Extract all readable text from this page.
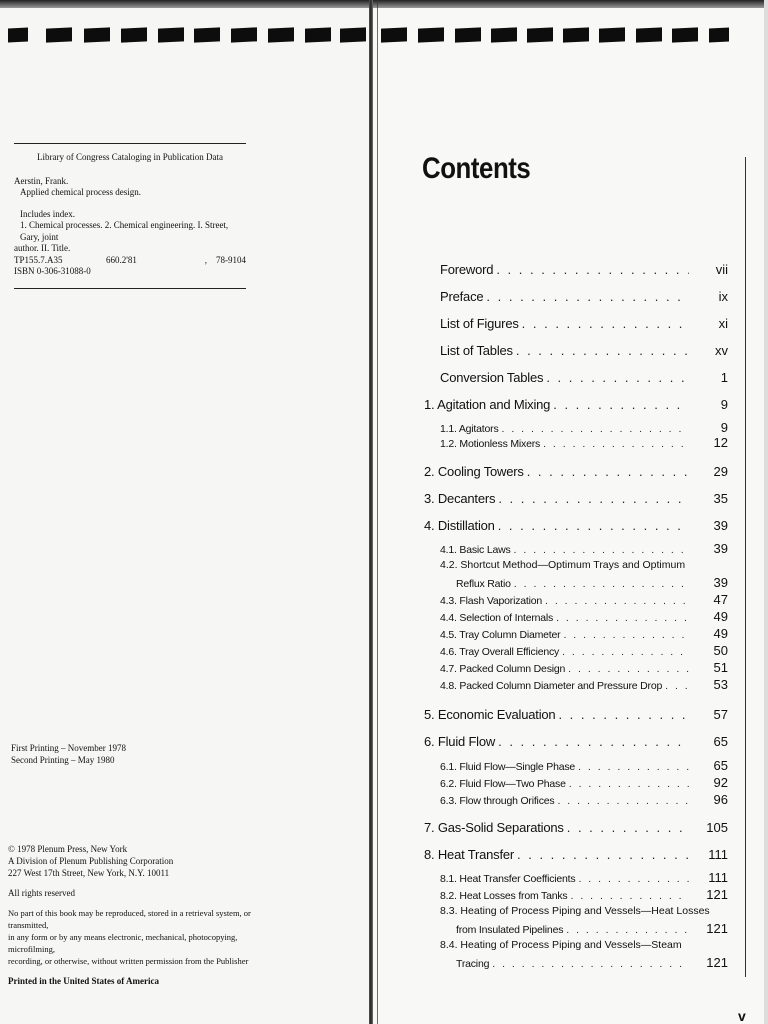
Library of Congress Cataloging in Publication Data

Aerstin, Frank.

Applied chemical process design.

Includes index.

1. Chemical processes. 2. Chemical engineering. I. Street, Gary, joint

author. II. Title.

TP155.7.A35	660.2'81	, 78-9104

ISBN 0-306-31088-0

First Printing – November 1978
Second Printing – May 1980

© 1978 Plenum Press, New York

A Division of Plenum Publishing Corporation

227 West 17th Street, New York, N.Y. 10011

All rights reserved

No part of this book may be reproduced, stored in a retrieval system, or transmitted,

in any form or by any means electronic, mechanical, photocopying, microfilming,

recording, or otherwise, without written permission from the Publisher

Printed in the United States of America

Contents
Foreword . . .	vii
Preface . . .	ix
List of Figures . . .	xi
List of Tables . . .	xv
Conversion Tables . . .	1
1. Agitation and Mixing . . .	9
1.1. Agitators . . .	9
1.2. Motionless Mixers . . .	12
2. Cooling Towers . . .	29
3. Decanters . . .	35
4. Distillation . . .	39
4.1. Basic Laws . . .	39
4.2. Shortcut Method—Optimum Trays and Optimum
Reflux Ratio . . .	39
4.3. Flash Vaporization . . .	47
4.4. Selection of Internals . . .	49
4.5. Tray Column Diameter . . .	49
4.6. Tray Overall Efficiency . . .	50
4.7. Packed Column Design . . .	51
4.8. Packed Column Diameter and Pressure Drop . . .	53
5. Economic Evaluation . . .	57
6. Fluid Flow . . .	65
6.1. Fluid Flow—Single Phase . . .	65
6.2. Fluid Flow—Two Phase . . .	92
6.3. Flow through Orifices . . .	96
7. Gas-Solid Separations . . .	105
8. Heat Transfer . . .	111
8.1. Heat Transfer Coefficients . . .	111
8.2. Heat Losses from Tanks . . .	121
8.3. Heating of Process Piping and Vessels—Heat Losses
from Insulated Pipelines . . .	121
8.4. Heating of Process Piping and Vessels—Steam
Tracing . . .	121
v
